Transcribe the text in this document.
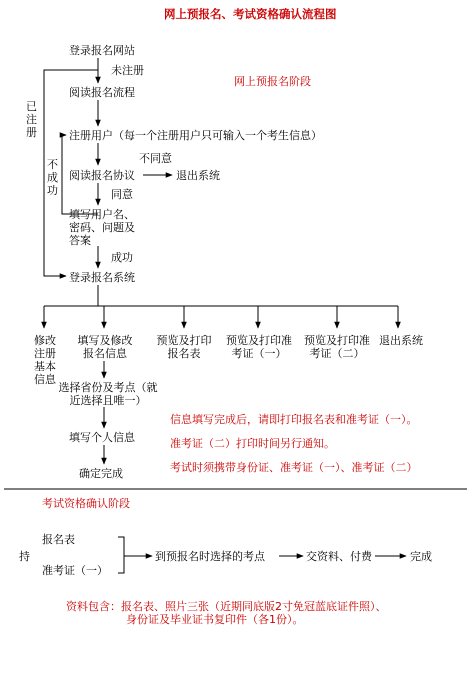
网上预报名、考试资格确认流程图
网上预报名阶段
登录报名网站
未注册
阅读报名流程
已注册	注册用户（每一个注册用户只可输入一个考生信息）
不同意
阅读报名协议	退出系统
不成功	同意
填写用户名、密码、问题及答案
成功
登录报名系统
修改注册基本信息
填写及修改报名信息
预览及打印报名表
预览及打印准考证（一）
预览及打印准考证（二）
退出系统
选择省份及考点（就近选择且唯一）
填写个人信息
确定完成
信息填写完成后，请即打印报名表和准考证（一）。
准考证（二）打印时间另行通知。
考试时须携带身份证、准考证（一）、准考证（二）
考试资格确认阶段
持
报名表
准考证（一）
到预报名时选择的考点	交资料、付费	完成
资料包含：报名表、照片三张（近期同底版2寸免冠蓝底证件照）、
身份证及毕业证书复印件（各1份）。
